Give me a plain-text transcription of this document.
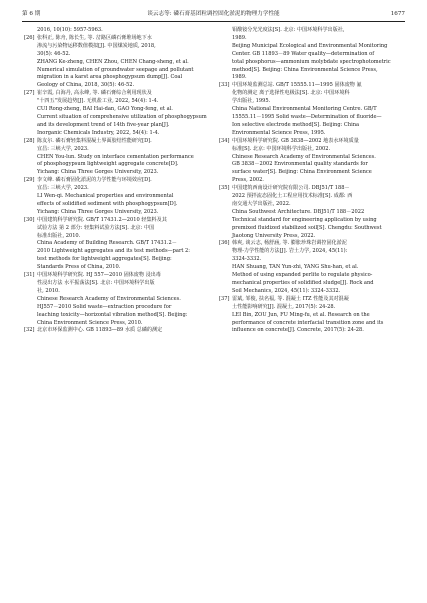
第 6 期	谈云志等: 磷石膏基团粒调控固化淤泥的物理力学性能	1677
2016, 10(10): 5957-5963.
[26] 张科正, 陈舟, 陈长生, 等. 岔路区磷石膏堆场地下水
渗流与污染物运移数值模拟[J]. 中国煤炭地质, 2018,
30(5): 46-52.
ZHANG Ke-zheng, CHEN Zhou, CHEN Chang-sheng, et al.
Numerical simulation of groundwater seepage and pollutant
migration in a karst area phosphogypsum dump[J]. Coal
Geology of China, 2018, 30(5): 46-52.
[27] 崔辛霞, 白海丹, 高永峰, 等. 磷石膏综合利用现状及
"十四五"发展趋势[J]. 无机盐工业, 2022, 54(4): 1-4.
CUI Rong-zheng, BAI Hai-dan, GAO Yong-feng, et al.
Current situation of comprehensive utilization of phosphogypsum
and its development trend of 14th five-year plan[J].
Inorganic Chemicals Industry, 2022, 54(4): 1-4.
[28] 陈友尔. 磷石膏轻集料混凝土界面胶结性能研究[D].
宜昌: 三峡大学, 2023.
CHEN You-lun. Study on interface cementation performance
of phosphogypsum lightweight aggregate concrete[D].
Yichang: China Three Gorges University, 2023.
[29] 李文峰. 磷石膏固化淤泥的力学性能与环境效应[D].
宜昌: 三峡大学, 2023.
LI Wen-qi. Mechanical properties and environmental
effects of solidified sediment with phosphogypsum[D].
Yichang: China Three Gorges University, 2023.
[30] 中国建筑科学研究院. GB/T 17431.2—2010 轻集料及其
试验方法 第 2 部分: 轻集料试验方法[S]. 北京: 中国
标准出版社, 2010.
China Academy of Building Research. GB/T 17431.2－
2010 Lightweight aggregates and its test methods—part 2:
test methods for lightweight aggregates[S]. Beijing:
Standards Press of China, 2010.
[31] 中国环境科学研究院. HJ 557—2010 固体废物 浸出毒
性浸出方法 水平振荡法[S]. 北京: 中国环境科学出版
社, 2010.
Chinese Research Academy of Environmental Sciences.
HJ557－2010 Solid waste—extraction procedure for
leaching toxicity—horizontal vibration method[S]. Beijing:
China Environment Science Press, 2010.
[32] 北京市环保监测中心. GB 11893—89 水质 总磷的测定
钼酸铵分光光度法[S]. 北京: 中国环境科学出版社,
1989.
Beijing Municipal Ecological and Environmental Monitoring
Center. GB 11893－89 Water quality—determination of
total phosphorus—ammonium molybdate spectrophotometric
method[S]. Beijing: China Environmental Science Press,
1989.
[33] 中国环境监测总站. GB/T 15555.11—1995 固体废物 氟
化物的测定 离子选择性电极法[S]. 北京: 中国环境科
学出版社, 1995.
China National Environmental Monitoring Centre. GB/T
15555.11－1995 Solid waste—Determination of fluoride—
Ion selective electrode method[S]. Beijing: China
Environmental Science Press, 1995.
[34] 中国环境科学研究院. GB 3838—2002 地表水环境质量
标准[S]. 北京: 中国环境科学出版社, 2002.
Chinese Research Academy of Environmental Sciences.
GB 3838－2002 Environmental quality standards for
surface water[S]. Beijing: China Environment Science
Press, 2002.
[35] 中国建筑西南设计研究院有限公司. DBJ51/T 188－
2022 预拌流态固化土工程应用技术标准[S]. 成都: 西
南交通大学出版社, 2022.
China Southwest Architecture. DBJ51/T 188－2022
Technical standard for engineering application by using
premixed fluidized stabilized soil[S]. Chengdu: Southwest
Jiaotong University Press, 2022.
[36] 韩爽, 谈云志, 杨舒涵, 等. 膨胀珍珠岩调控固化淤泥
物理-力学性能的方法[J]. 岩土力学, 2024, 45(11):
3324-3332.
HAN Shuang, TAN Yun-zhi, YANG Shu-han, et al.
Method of using expanded perlite to regulate physico-
mechanical properties of solidified sludge[J]. Rock and
Soil Mechanics, 2024, 45(11): 3324-3332.
[37] 雷斌, 邹俊, 扶名福, 等. 混凝土 ITZ 性能及其对混凝
土性能影响研究[J]. 混凝土, 2017(5): 24-28.
LEI Bin, ZOU Jun, FU Ming-fu, et al. Research on the
performance of concrete interfacial transition zone and its
influence on concrete[J]. Concrete, 2017(5): 24-28.
